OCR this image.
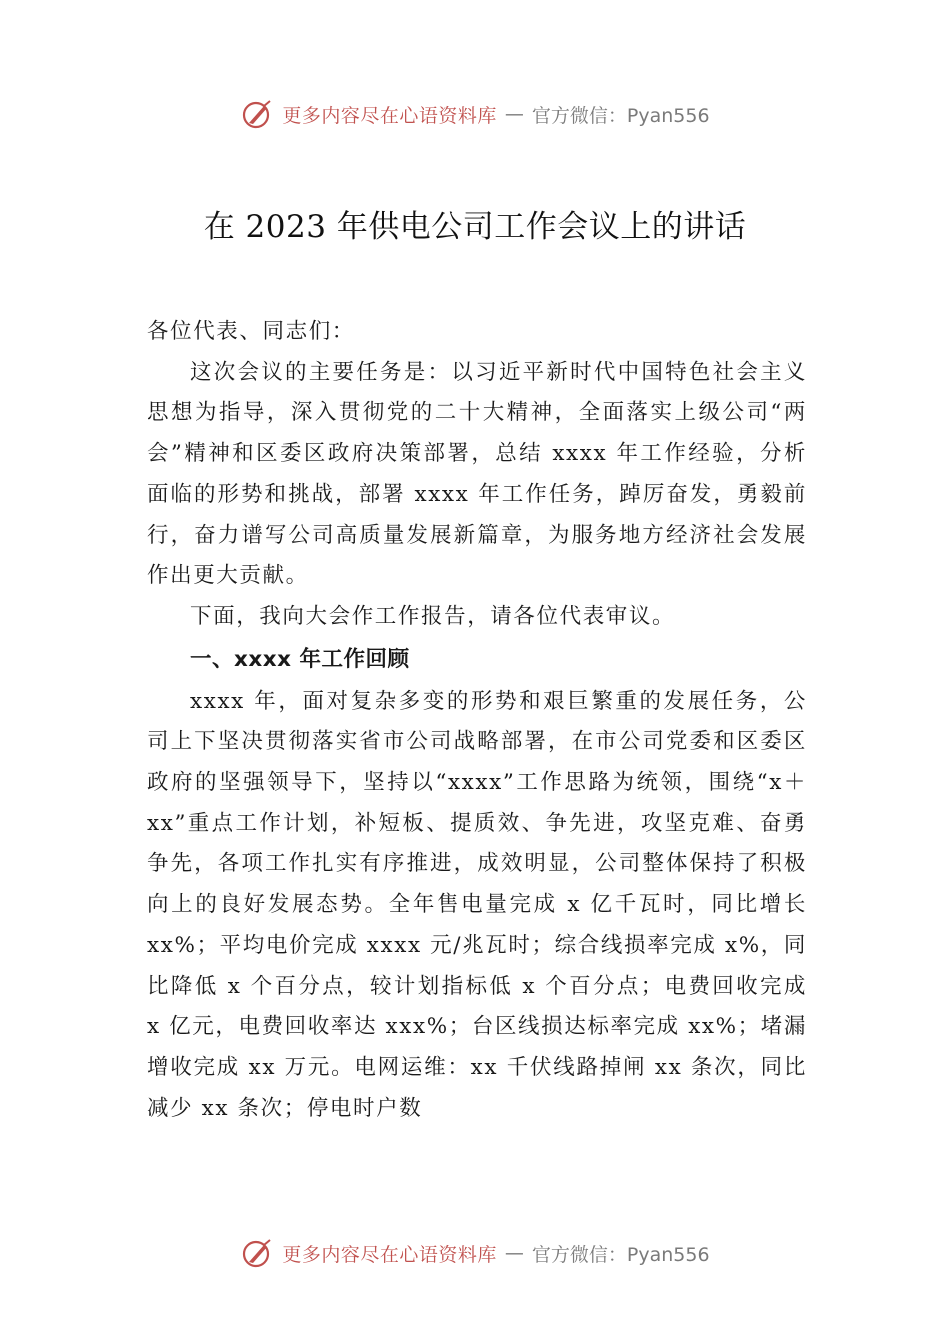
更多内容尽在心语资料库 — 官方微信：Pyan556
在 2023 年供电公司工作会议上的讲话

各位代表、同志们：

这次会议的主要任务是：以习近平新时代中国特色社会主义思想为指导，深入贯彻党的二十大精神，全面落实上级公司“两会”精神和区委区政府决策部署，总结 xxxx 年工作经验，分析面临的形势和挑战，部署 xxxx 年工作任务，踔厉奋发，勇毅前行，奋力谱写公司高质量发展新篇章，为服务地方经济社会发展作出更大贡献。

下面，我向大会作工作报告，请各位代表审议。

一、xxxx 年工作回顾

xxxx 年，面对复杂多变的形势和艰巨繁重的发展任务，公司上下坚决贯彻落实省市公司战略部署，在市公司党委和区委区政府的坚强领导下，坚持以“xxxx”工作思路为统领，围绕“x＋xx”重点工作计划，补短板、提质效、争先进，攻坚克难、奋勇争先，各项工作扎实有序推进，成效明显，公司整体保持了积极向上的良好发展态势。全年售电量完成 x 亿千瓦时，同比增长 xx%；平均电价完成 xxxx 元/兆瓦时；综合线损率完成 x%，同比降低 x 个百分点，较计划指标低 x 个百分点；电费回收完成 x 亿元，电费回收率达 xxx%；台区线损达标率完成 xx%；堵漏增收完成 xx 万元。电网运维：xx 千伏线路掉闸 xx 条次，同比减少 xx 条次；停电时户数

更多内容尽在心语资料库 — 官方微信：Pyan556
